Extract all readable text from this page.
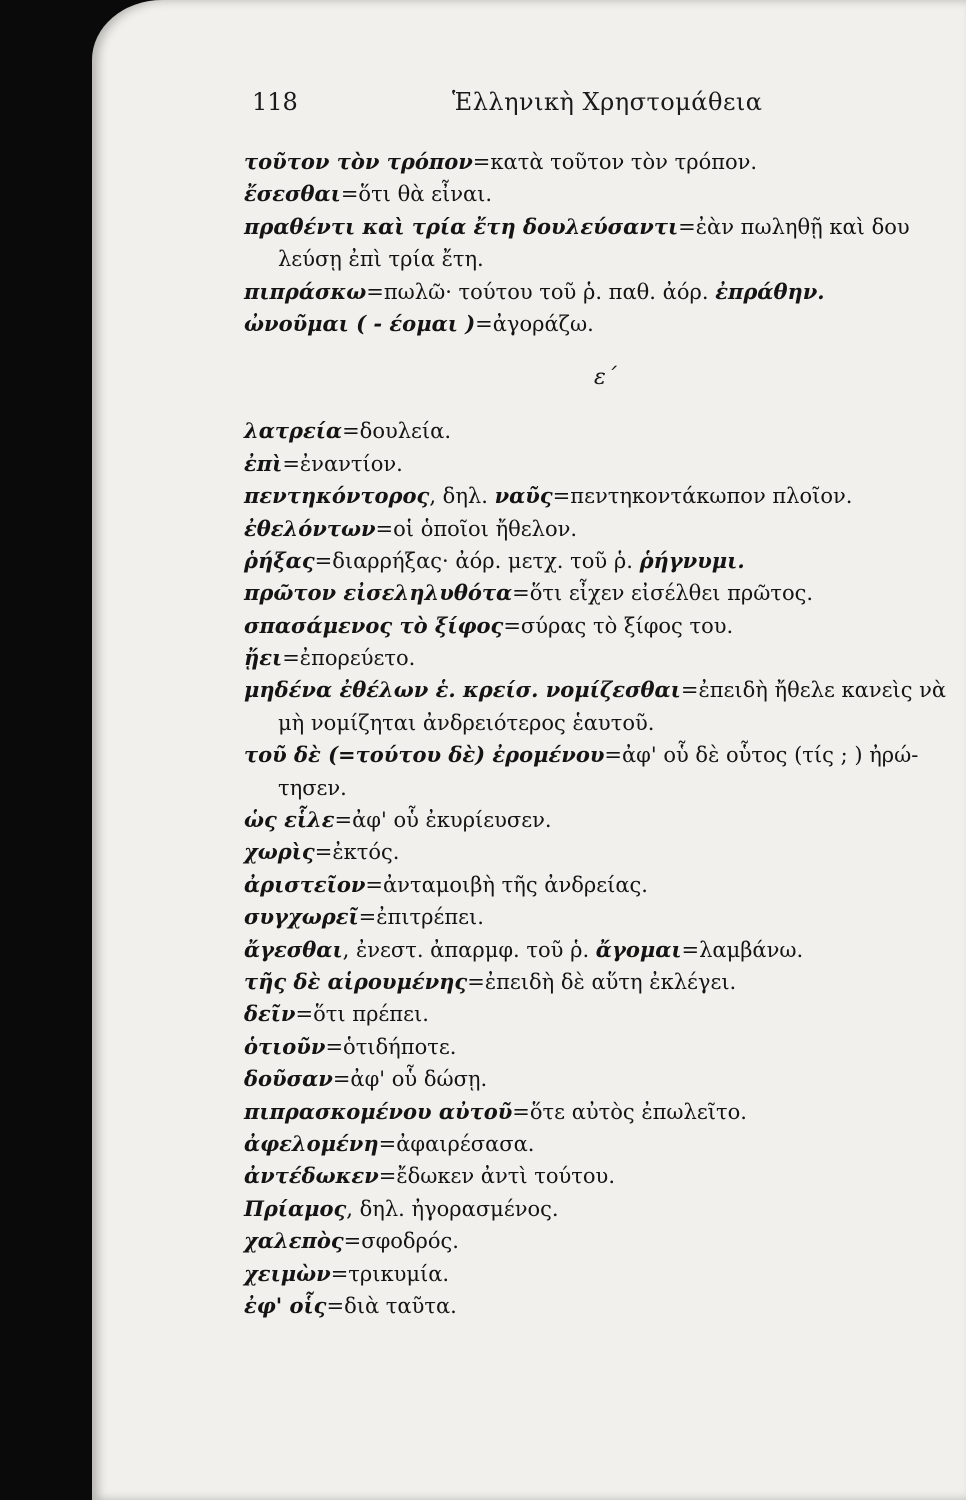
118	Ἑλληνικὴ Χρηστομάθεια
τοῦτον τὸν τρόπον=κατὰ τοῦτον τὸν τρόπον.
ἔσεσθαι=ὅτι θὰ εἶναι.
πραθέντι καὶ τρία ἔτη δουλεύσαντι=ἐὰν πωληθῇ καὶ δου
λεύσῃ ἐπὶ τρία ἔτη.
πιπράσκω=πωλῶ· τούτου τοῦ ῥ. παθ. ἀόρ. ἐπράθην.
ὠνοῦμαι ( - έομαι )=ἀγοράζω.
ε΄
λατρεία=δουλεία.
ἐπὶ=ἐναντίον.
πεντηκόντορος, δηλ. ναῦς=πεντηκοντάκωπον πλοῖον.
ἐθελόντων=οἱ ὁποῖοι ἤθελον.
ῥήξας=διαρρήξας· ἀόρ. μετχ. τοῦ ῥ. ῥήγνυμι.
πρῶτον εἰσεληλυθότα=ὅτι εἶχεν εἰσέλθει πρῶτος.
σπασάμενος τὸ ξίφος=σύρας τὸ ξίφος του.
ᾔει=ἐπορεύετο.
μηδένα ἐθέλων ἑ. κρείσ. νομίζεσθαι=ἐπειδὴ ἤθελε κανεὶς νὰ
μὴ νομίζηται ἀνδρειότερος ἑαυτοῦ.
τοῦ δὲ (=τούτου δὲ) ἐρομένου=ἀφ' οὗ δὲ οὗτος (τίς ; ) ἠρώ-
τησεν.
ὡς εἷλε=ἀφ' οὗ ἐκυρίευσεν.
χωρὶς=ἐκτός.
ἀριστεῖον=ἀνταμοιβὴ τῆς ἀνδρείας.
συγχωρεῖ=ἐπιτρέπει.
ἄγεσθαι, ἐνεστ. ἀπαρμφ. τοῦ ῥ. ἄγομαι=λαμβάνω.
τῆς δὲ αἱρουμένης=ἐπειδὴ δὲ αὕτη ἐκλέγει.
δεῖν=ὅτι πρέπει.
ὁτιοῦν=ὁτιδήποτε.
δοῦσαν=ἀφ' οὗ δώσῃ.
πιπρασκομένου αὐτοῦ=ὅτε αὐτὸς ἐπωλεῖτο.
ἀφελομένη=ἀφαιρέσασα.
ἀντέδωκεν=ἔδωκεν ἀντὶ τούτου.
Πρίαμος, δηλ. ἠγορασμένος.
χαλεπὸς=σφοδρός.
χειμὼν=τρικυμία.
ἐφ' οἷς=διὰ ταῦτα.
